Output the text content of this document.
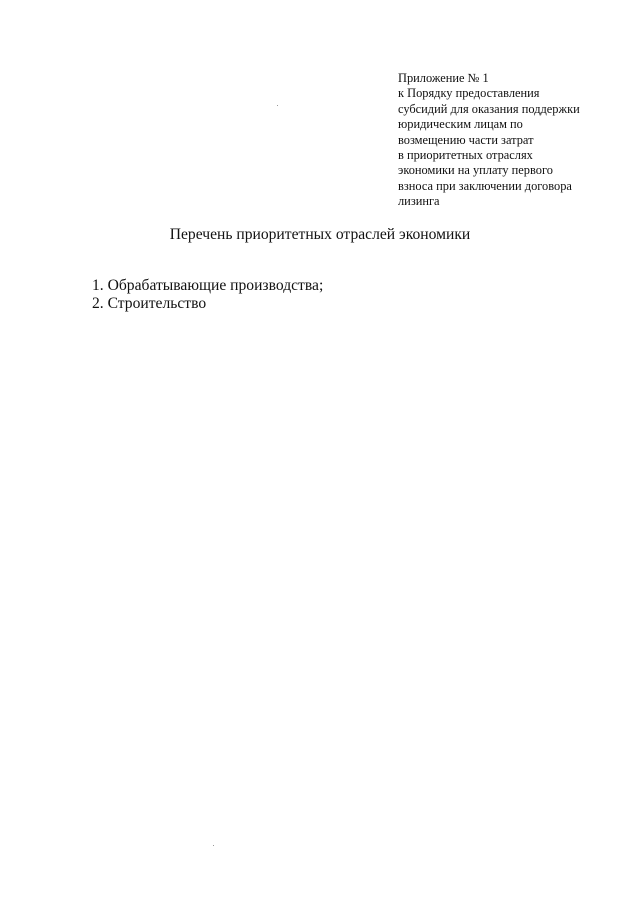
Приложение № 1
к Порядку предоставления
субсидий для оказания поддержки
юридическим лицам по
возмещению части затрат
в приоритетных отраслях
экономики на уплату первого
взноса при заключении договора
лизинга
Перечень приоритетных отраслей экономики
1. Обрабатывающие производства;
2. Строительство
